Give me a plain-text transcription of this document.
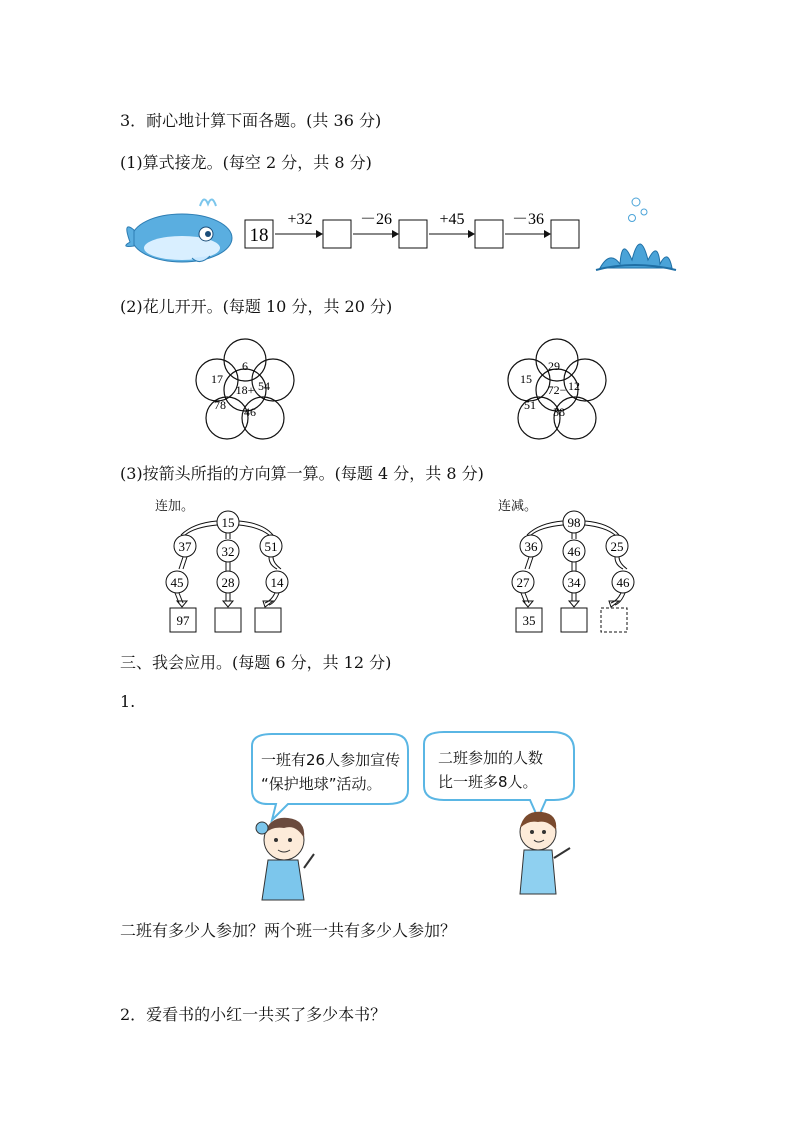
3．耐心地计算下面各题。(共 36 分)
(1)算式接龙。(每空 2 分，共 8 分)
18
+32	－26	+45	－36
(2)花儿开开。(每题 10 分，共 20 分)
18+
6
54
46
78
17
72−
29
12
38
51
15
(3)按箭头所指的方向算一算。(每题 4 分，共 8 分)
连加。
15
37 32 51
45	28	14
97
连减。
98
36 46 25
27	34	46
35
三、我会应用。(每题 6 分，共 12 分)
1.
一班有26人参加宣传
“保护地球”活动。
二班参加的人数
比一班多8人。
二班有多少人参加？两个班一共有多少人参加？
2．爱看书的小红一共买了多少本书？
